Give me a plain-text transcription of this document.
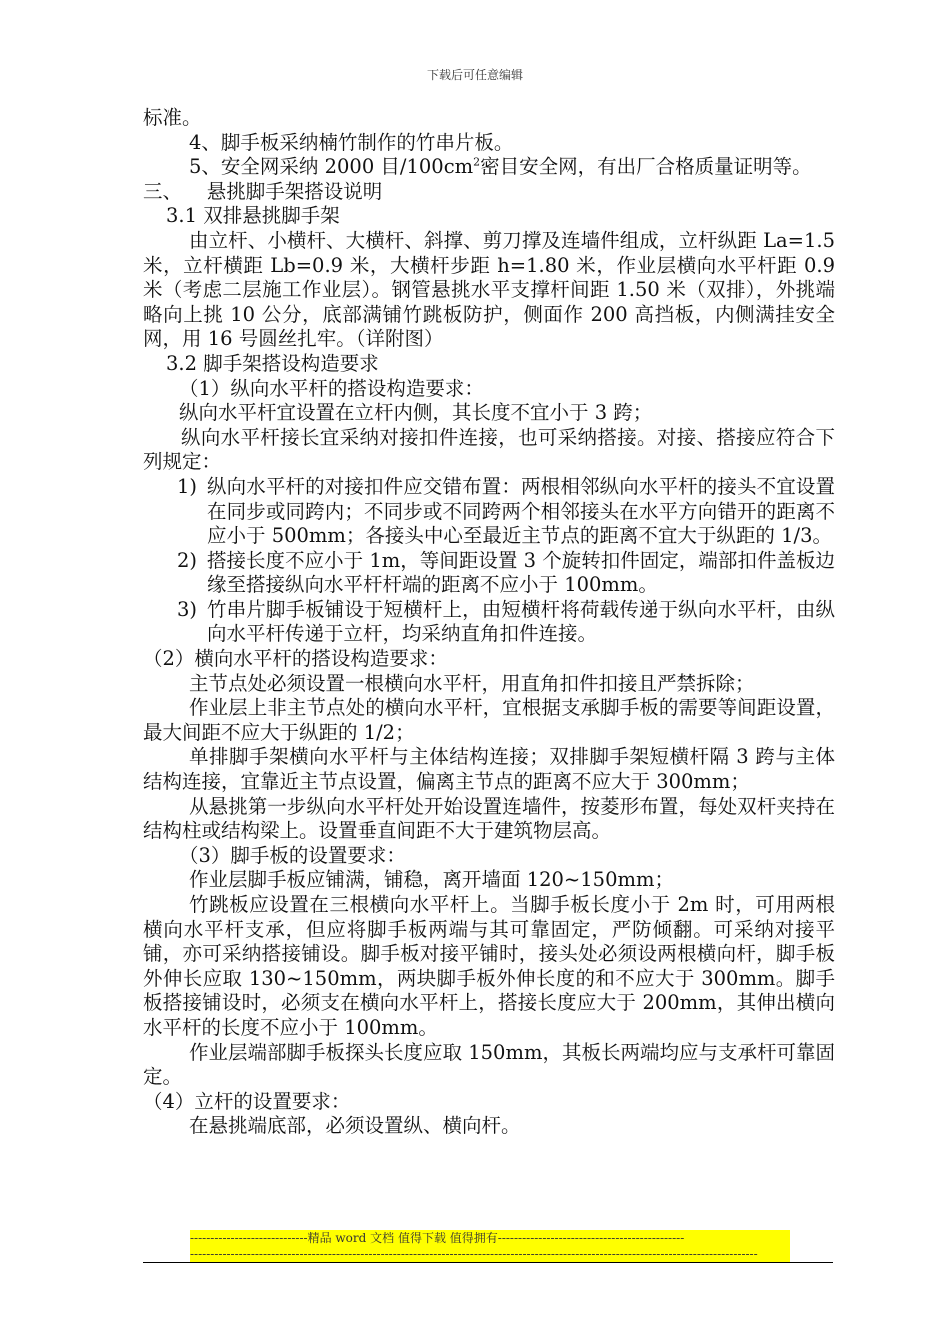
下载后可任意编辑

标准。

4、脚手板采纳楠竹制作的竹串片板。

5、安全网采纳 2000 目$/100cm^2$密目安全网，有出厂合格质量证明等。

三、    悬挑脚手架搭设说明

3.1 双排悬挑脚手架

由立杆、小横杆、大横杆、斜撑、剪刀撑及连墙件组成，立杆纵距 La=1.5 米，立杆横距 Lb=0.9 米，大横杆步距 h=1.80 米，作业层横向水平杆距 0.9 米（考虑二层施工作业层）。钢管悬挑水平支撑杆间距 1.50 米（双排），外挑端略向上挑 10 公分，底部满铺竹跳板防护，侧面作 200 高挡板，内侧满挂安全网，用 16 号圆丝扎牢。（详附图）

3.2 脚手架搭设构造要求

（1）纵向水平杆的搭设构造要求：

纵向水平杆宜设置在立杆内侧，其长度不宜小于 3 跨；

纵向水平杆接长宜采纳对接扣件连接，也可采纳搭接。对接、搭接应符合下列规定：

1) 纵向水平杆的对接扣件应交错布置：两根相邻纵向水平杆的接头不宜设置在同步或同跨内；不同步或不同跨两个相邻接头在水平方向错开的距离不应小于 500mm；各接头中心至最近主节点的距离不宜大于纵距的 1/3。
2) 搭接长度不应小于 1m，等间距设置 3 个旋转扣件固定，端部扣件盖板边缘至搭接纵向水平杆杆端的距离不应小于 100mm。
3) 竹串片脚手板铺设于短横杆上，由短横杆将荷载传递于纵向水平杆，由纵向水平杆传递于立杆，均采纳直角扣件连接。

（2）横向水平杆的搭设构造要求：

主节点处必须设置一根横向水平杆，用直角扣件扣接且严禁拆除；

作业层上非主节点处的横向水平杆，宜根据支承脚手板的需要等间距设置，最大间距不应大于纵距的 1/2；

单排脚手架横向水平杆与主体结构连接；双排脚手架短横杆隔 3 跨与主体结构连接，宜靠近主节点设置，偏离主节点的距离不应大于 300mm；

从悬挑第一步纵向水平杆处开始设置连墙件，按菱形布置，每处双杆夹持在结构柱或结构梁上。设置垂直间距不大于建筑物层高。

（3）脚手板的设置要求：

作业层脚手板应铺满，铺稳，离开墙面 120~150mm；

竹跳板应设置在三根横向水平杆上。当脚手板长度小于 2m 时，可用两根横向水平杆支承，但应将脚手板两端与其可靠固定，严防倾翻。可采纳对接平铺，亦可采纳搭接铺设。脚手板对接平铺时，接头处必须设两根横向杆，脚手板外伸长应取 130~150mm，两块脚手板外伸长度的和不应大于 300mm。脚手板搭接铺设时，必须支在横向水平杆上，搭接长度应大于 200mm，其伸出横向水平杆的长度不应小于 100mm。

作业层端部脚手板探头长度应取 150mm，其板长两端均应与支承杆可靠固定。

（4）立杆的设置要求：

在悬挑端底部，必须设置纵、横向杆。

-----------------------------精品 word 文档 值得下载 值得拥有----------------------------------------------
--------------------------------------------------------------------------------------------------------------------------------------------
